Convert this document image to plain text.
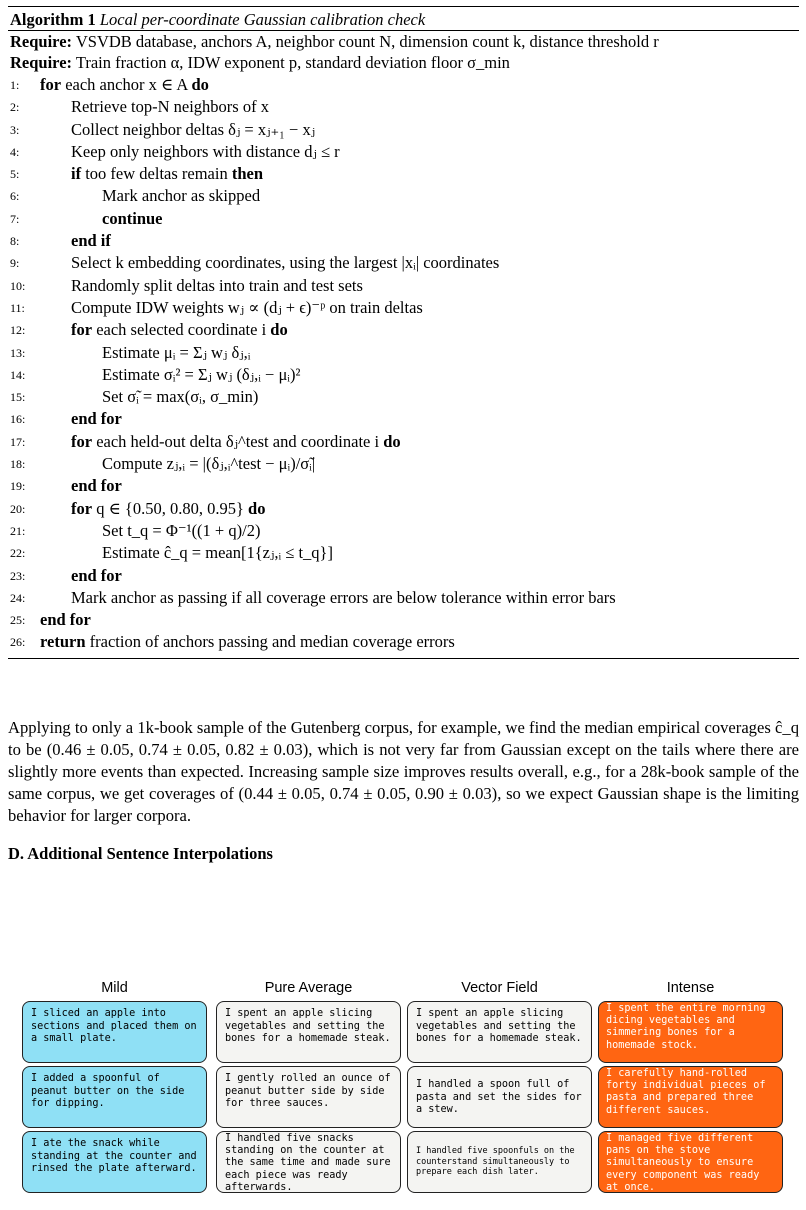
Algorithm 1 Local per-coordinate Gaussian calibration check
Require: VSVDB database, anchors A, neighbor count N, dimension count k, distance threshold r
Require: Train fraction α, IDW exponent p, standard deviation floor σ_min
1:	for each anchor x ∈ A do
2:	Retrieve top-N neighbors of x
3:	Collect neighbor deltas δⱼ = xⱼ₊₁ − xⱼ
4:	Keep only neighbors with distance dⱼ ≤ r
5:	if too few deltas remain then
6:	Mark anchor as skipped
7:	continue
8:	end if
9:	Select k embedding coordinates, using the largest |xᵢ| coordinates
10:	Randomly split deltas into train and test sets
11:	Compute IDW weights wⱼ ∝ (dⱼ + ϵ)⁻ᵖ on train deltas
12:	for each selected coordinate i do
13:	Estimate μᵢ = Σⱼ wⱼ δⱼ,ᵢ
14:	Estimate σᵢ² = Σⱼ wⱼ (δⱼ,ᵢ − μᵢ)²
15:	Set σ̃ᵢ = max(σᵢ, σ_min)
16:	end for
17:	for each held-out delta δⱼ^test and coordinate i do
18:	Compute zⱼ,ᵢ = |(δⱼ,ᵢ^test − μᵢ)/σ̃ᵢ|
19:	end for
20:	for q ∈ {0.50, 0.80, 0.95} do
21:	Set t_q = Φ⁻¹((1 + q)/2)
22:	Estimate ĉ_q = mean[1{zⱼ,ᵢ ≤ t_q}]
23:	end for
24:	Mark anchor as passing if all coverage errors are below tolerance within error bars
25: end for
26: return fraction of anchors passing and median coverage errors
Applying to only a 1k-book sample of the Gutenberg corpus, for example, we find the median empirical coverages ĉ_q to be (0.46 ± 0.05, 0.74 ± 0.05, 0.82 ± 0.03), which is not very far from Gaussian except on the tails where there are slightly more events than expected. Increasing sample size improves results overall, e.g., for a 28k-book sample of the same corpus, we get coverages of (0.44 ± 0.05, 0.74 ± 0.05, 0.90 ± 0.03), so we expect Gaussian shape is the limiting behavior for larger corpora.
D. Additional Sentence Interpolations
Mild
I sliced an apple into sections and placed them on a small plate.
I added a spoonful of peanut butter on the side for dipping.
I ate the snack while standing at the counter and rinsed the plate afterward.
Pure Average
I spent an apple slicing vegetables and setting the bones for a homemade steak.
I gently rolled an ounce of peanut butter side by side for three sauces.
I handled five snacks standing on the counter at the same time and made sure each piece was ready afterwards.
Vector Field
I spent an apple slicing vegetables and setting the bones for a homemade steak.
I handled a spoon full of pasta and set the sides for a stew.
I handled five spoonfuls on the counterstand simultaneously to prepare each dish later.
Intense
I spent the entire morning dicing vegetables and simmering bones for a homemade stock.
I carefully hand-rolled forty individual pieces of pasta and prepared three different sauces.
I managed five different pans on the stove simultaneously to ensure every component was ready at once.
